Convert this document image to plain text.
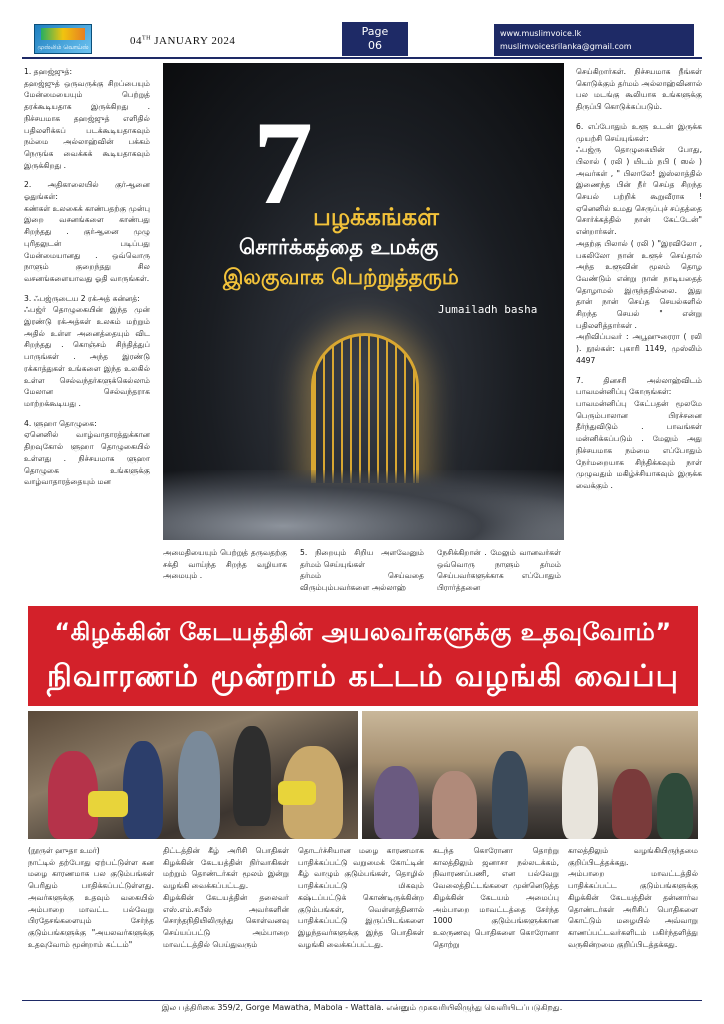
முஸ்லிம் வொய்ஸ்
04TH JANUARY 2024
Page
06
www.muslimvoice.lk
muslimvoicesrilanka@gmail.com

1. தஹஜ்ஜுத்:
தஹஜ்ஜுத் ஒருவருக்கு சிறப்பையும் மேன்மையையும் பெற்றுத் தரக்கூடியதாக இருக்கிறது . நிச்சயமாக தஹஜ்ஜுத் எளிதில் பதிலளிக்கப் படக்கூடியதாகவும் நம்மை அல்லாஹ்வின் பக்கம் நெருங்க வைக்கக் கூடியதாகவும் இருக்கிறது .

2. அதிகாலையில் குர்ஆனை ஓதுங்கள்:
கண்கள் உலகைக் காண்பதற்கு முன்பு இறை வசனங்களை காண்பது சிறந்தது . குர்ஆனை முழு புரிதலுடன் படிப்பது மேன்மையானது . ஒவ்வொரு நாளும் குறைந்தது சில வசனங்களையாவது ஓதி வாருங்கள்.

3. ஃபஜ்ருடைய 2 ரக்அத் சுன்னத்:
ஃபஜ்ர் தொழுகையின் இந்த முன் இரண்டு ரக்அத்கள் உலகம் மற்றும் அதில் உள்ள அனைத்தையும் விட சிறந்தது . கொஞ்சம் சிந்தித்துப் பாருங்கள் . அந்த இரண்டு ரக்காத்துகள் உங்களை இந்த உலகில் உள்ள செல்வந்தர்களுக்கெல்லாம் மேலான செல்வந்தராக மாற்றக்கூடியது .

4. ளுஹா தொழுகை:
ஏனெனில் வாழ்வாதாரத்துக்கான திறவுகோல் ளுஹா தொழுகையில் உள்ளது . நிச்சயமாக ளுஹா தொழுகை உங்களுக்கு வாழ்வாதாரத்தையும் மன

7 பழக்கங்கள்
சொர்க்கத்தை உமக்கு
இலகுவாக பெற்றுத்தரும்
Jumailadh basha

அமைதியையும் பெற்றுத் தருவதற்கு சக்தி வாய்ந்த சிறந்த வழியாக அமையும் .

5. நிறையும் சிறிய அளவேனும் தர்மம் செய்யுங்கள்
தர்மம் செய்வதை விரும்பும்பவர்களை அல்லாஹ்

நேசிக்கிறான் . மேலும் வானவர்கள் ஒவ்வொரு நாளும் தர்மம் செய்பவர்களுக்காக எப்போதும் பிரார்த்தனை

செய்கிறார்கள். நிச்சயமாக நீங்கள் கொடுக்கும் தர்மம் அல்லாஹ்வினால் பல மடங்கு கூலியாக உங்களுக்கு திருப்பி கொடுக்கப்படும்.

6. எப்போதும் உளூ உடன் இருக்க முயற்சி செய்யுங்கள்:
ஃபஜ்ரு தொழுகையின் போது, பிலால் ( ரலி ) யிடம் நபி ( ஸல் ) அவர்கள் , " பிலாலே! இஸ்லாத்தில் இணைந்த பின் நீர் செய்த சிறந்த செயல் பற்றிக் கூறுவீராக ! ஏனெனில் உமது செருப்புச் சப்தத்தை சொர்க்கத்தில் நான் கேட்டேன்" என்றார்கள்.
அதற்கு பிலால் ( ரலி ) "இரவிலோ , பகலிலோ நான் உளூச் செய்தால் அந்த உளூவின் மூலம் தொழ வேண்டும் என்று நான் நாடியதைத் தொழாமல் இருந்ததில்லை. இது தான் நான் செய்த செயல்களில் சிறந்த செயல் " என்று பதிலளித்தார்கள் .
அறிவிப்பவர் : அபூஹுரைரா ( ரலி ). நூல்கள்: புகாரி 1149, முஸ்லிம் 4497

7. தினசரி அல்லாஹ்விடம் பாவமன்னிப்பு கோருங்கள்:
பாவமன்னிப்பு கேட்பதன் மூலமே பெரும்பாலான பிரச்சனை தீர்ந்துவிடும் . பாவங்கள் மன்னிக்கப்படும் . மேலும் அது நிச்சயமாக நம்மை எப்போதும் நேர்மறையாக சிந்திக்கவும் நாள் முழுவதும் மகிழ்ச்சியாகவும் இருக்க வைக்கும் .

“கிழக்கின் கேடயத்தின் அயலவர்களுக்கு உதவுவோம்”
நிவாரணம் மூன்றாம் கட்டம் வழங்கி வைப்பு

(நூருள் ஹுதா உமர்)
நாட்டில் தற்போது ஏற்பட்டுள்ள கன மழை காரணமாக பல குடும்பங்கள் பெரிதும் பாதிக்கப்பட்டுள்ளது. அவர்களுக்கு உதவும் வகையில் அம்பாறை மாவட்ட பல்வேறு பிரதேசங்களையும் சேர்ந்த குடும்பங்களுக்கு "அயலவர்களுக்கு உதவுவோம் மூன்றாம் கட்டம்"

திட்டத்தின் கீழ் அரிசி பொதிகள் கிழக்கின் கேடயத்தின் நிர்வாகிகள் மற்றும் தொண்டர்கள் மூலம் இன்று வழங்கி வைக்கப்பட்டது.
கிழக்கின் கேடயத்தின் தலைவர் எஸ்.எம்.சபீஸ் அவர்களின் சொந்தநிதியிலிருந்து கொள்வனவு செய்யப்பட்டு அம்பாறை மாவட்டத்தில் பெய்துவரும்

தொடர்ச்சியான மழை காரணமாக பாதிக்கப்பட்டு வறுமைக் கோட்டின் கீழ் வாழும் குடும்பங்கள், தொழில் பாதிக்கப்பட்டு மிகவும் கஷ்டப்பட்டுக் கொண்டிருக்கின்ற குடும்பங்கள், வெள்ளத்தினால் பாதிக்கப்பட்டு இருப்பிடங்களை இழந்தவர்களுக்கு இந்த பொதிகள் வழங்கி வைக்கப்பட்டது.

கடந்த கொரோனா தொற்று காலத்திலும் ஜனாசா நல்லடக்கம், நிவாரணப்பணி, என பல்வேறு வேலைத்திட்டங்களை முன்னெடுத்த கிழக்கின் கேடயம் அமைப்பு அம்பாறை மாவட்டத்தை சேர்ந்த 1000 குடும்பங்களுக்கான உலருணவு பொதிகளை கொரோனா தொற்று

காலத்திலும் வழங்கியிருந்தமை குறிப்பிடத்தக்கது.
அம்பாறை மாவட்டத்தில் பாதிக்கப்பட்ட குடும்பங்களுக்கு கிழக்கின் கேடயத்தின் தன்னார்வ தொண்டர்கள் அரிசிப் பொதிகளை கொட்டும் மழையில் அவ்வாறு காணப்பட்டவர்களிடம் பகிர்ந்தளித்து வருகின்றமை குறிப்பிடத்தக்கது.

இல பத்திரிகை 359/2, Gorge Mawatha, Mabola - Wattala. என்னும் முகவரியிலிருந்து வெளியிடப்படுகிறது.
